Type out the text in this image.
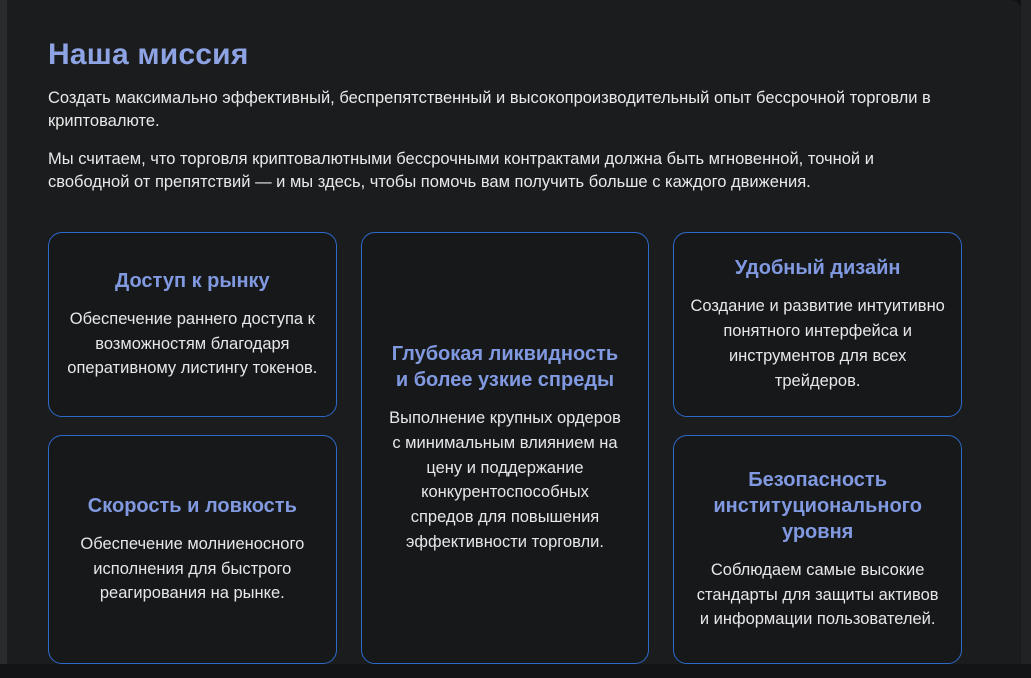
Наша миссия

Создать максимально эффективный, беспрепятственный и высокопроизводительный опыт бессрочной торговли в криптовалюте.

Мы считаем, что торговля криптовалютными бессрочными контрактами должна быть мгновенной, точной и свободной от препятствий — и мы здесь, чтобы помочь вам получить больше с каждого движения.

Доступ к рынку

Обеспечение раннего доступа к возможностям благодаря оперативному листингу токенов.

Глубокая ликвидность и более узкие спреды

Выполнение крупных ордеров с минимальным влиянием на цену и поддержание конкурентоспособных спредов для повышения эффективности торговли.

Удобный дизайн

Создание и развитие интуитивно понятного интерфейса и инструментов для всех трейдеров.

Скорость и ловкость

Обеспечение молниеносного исполнения для быстрого реагирования на рынке.

Безопасность институционального уровня

Соблюдаем самые высокие стандарты для защиты активов и информации пользователей.
